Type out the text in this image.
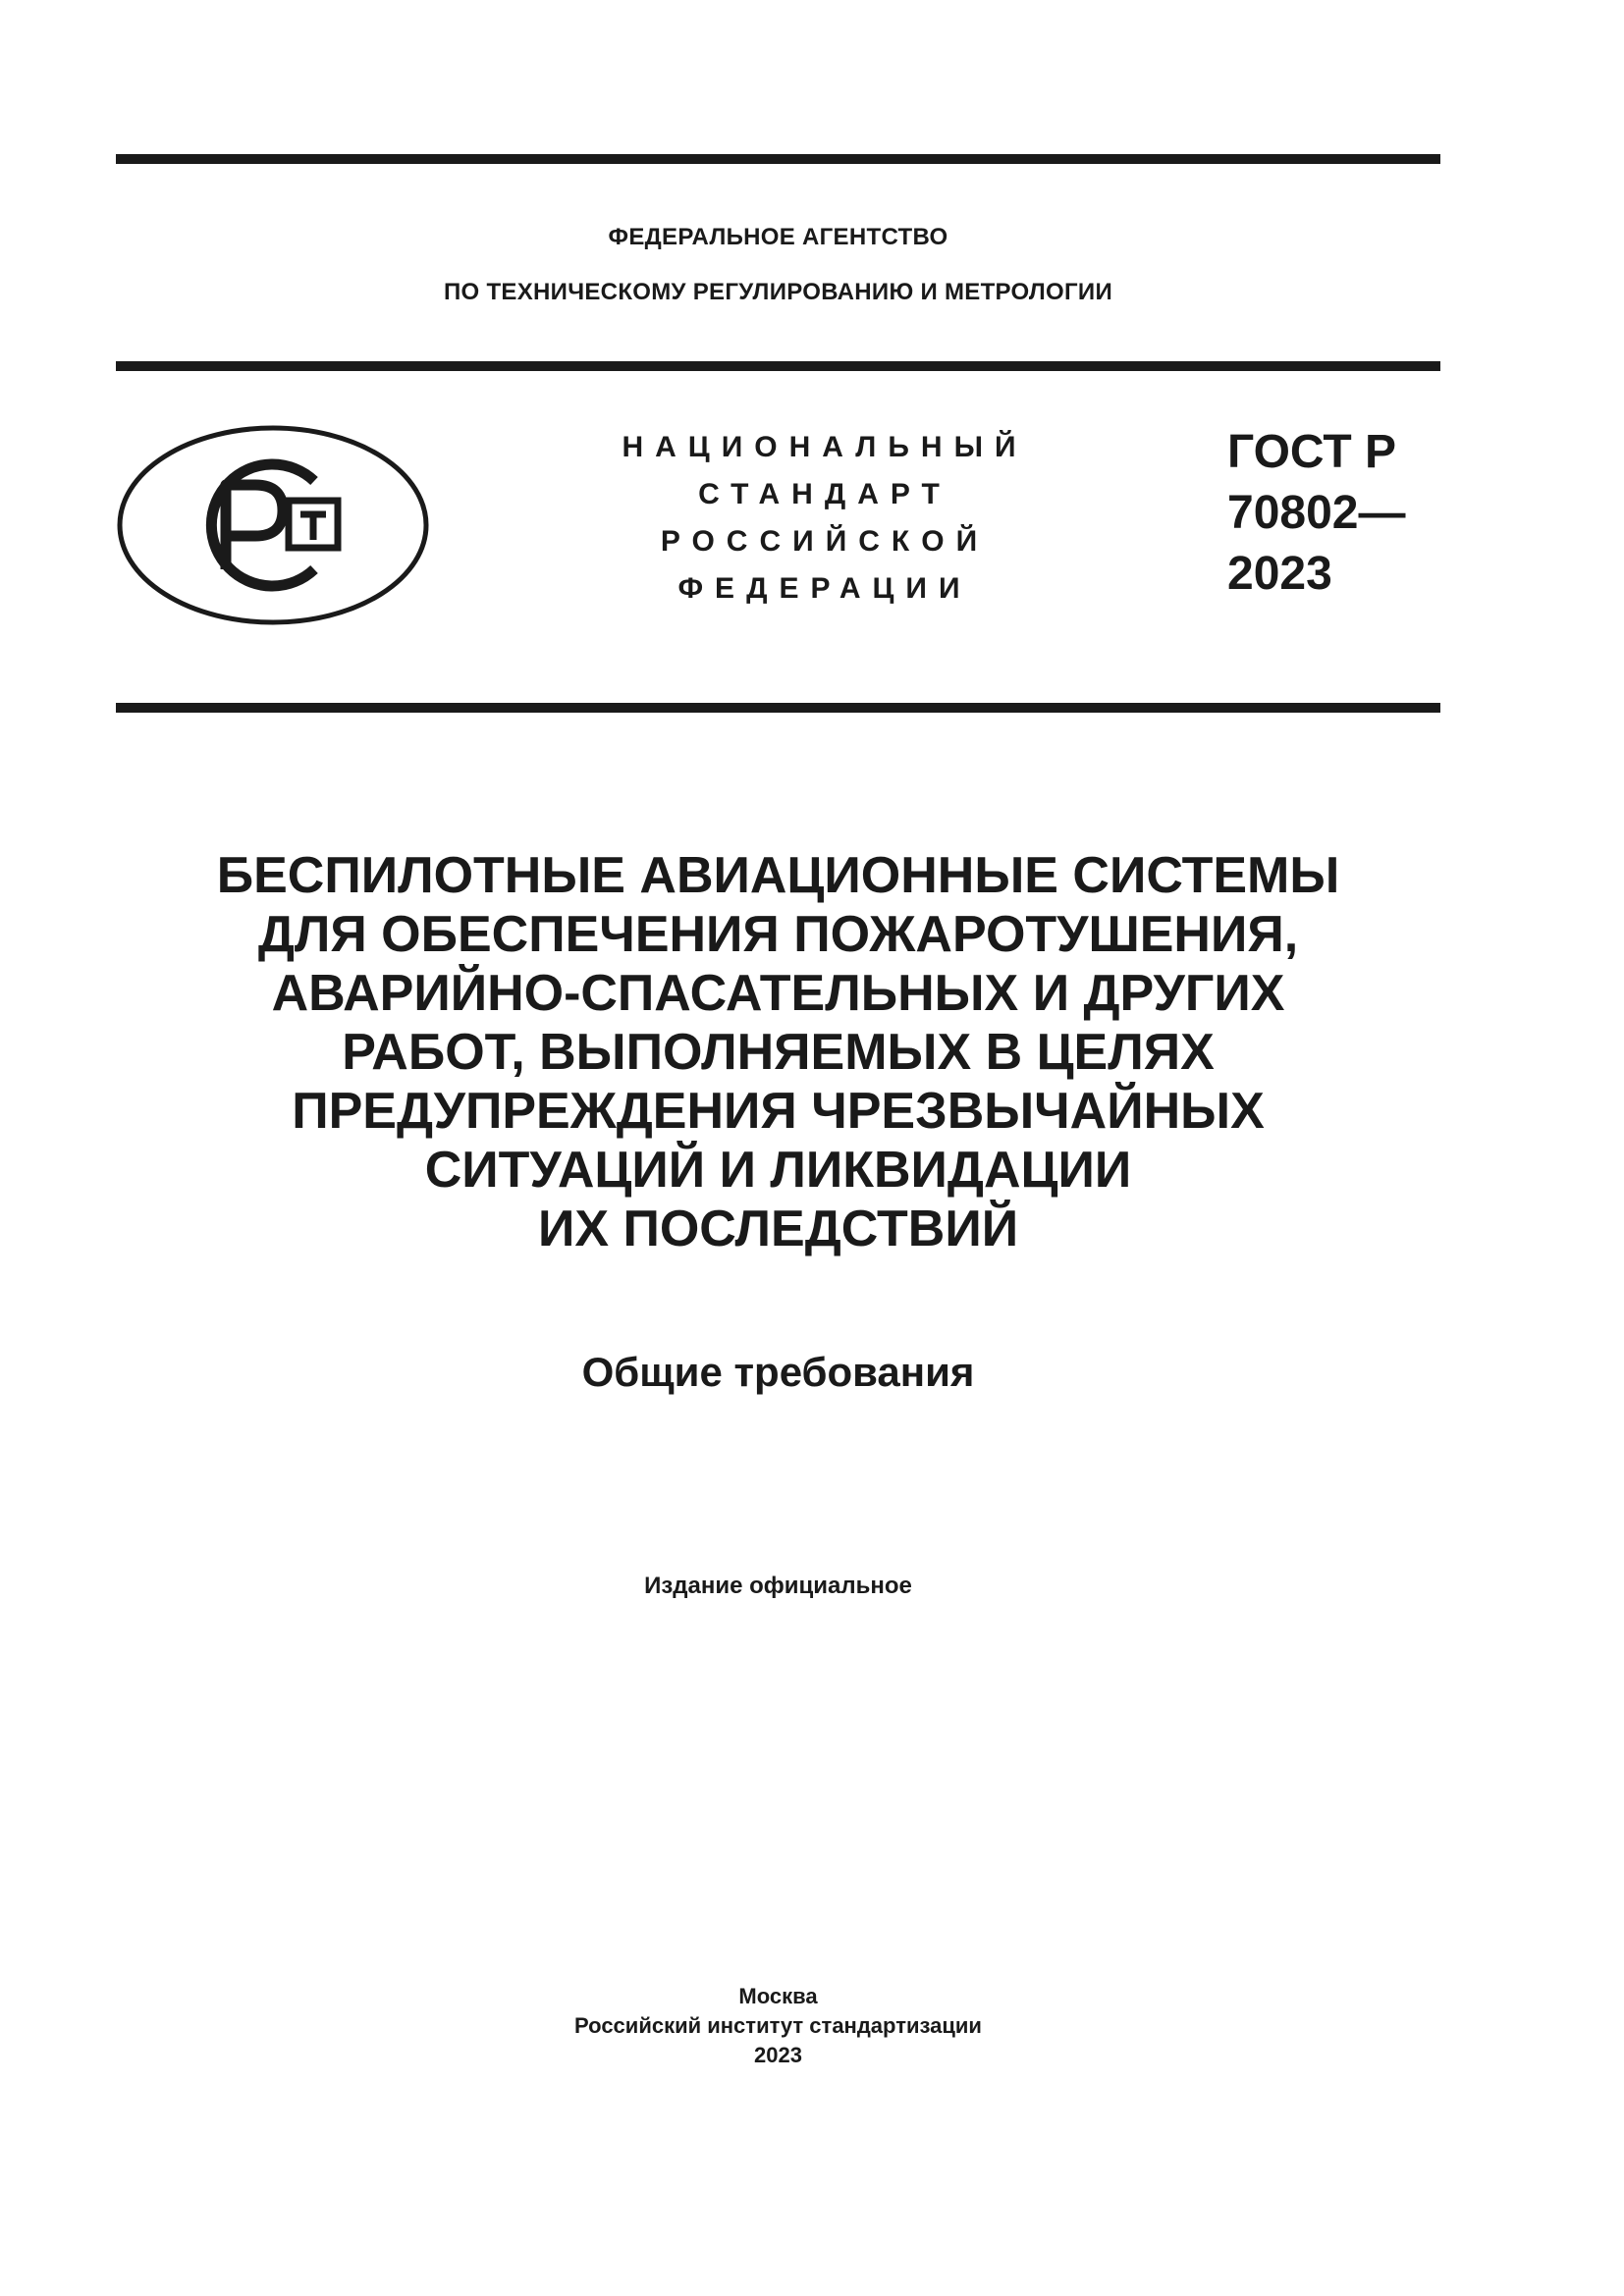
ФЕДЕРАЛЬНОЕ АГЕНТСТВО
ПО ТЕХНИЧЕСКОМУ РЕГУЛИРОВАНИЮ И МЕТРОЛОГИИ
НАЦИОНАЛЬНЫЙ
СТАНДАРТ
РОССИЙСКОЙ
ФЕДЕРАЦИИ
ГОСТ Р
70802—
2023
БЕСПИЛОТНЫЕ АВИАЦИОННЫЕ СИСТЕМЫ
ДЛЯ ОБЕСПЕЧЕНИЯ ПОЖАРОТУШЕНИЯ,
АВАРИЙНО-СПАСАТЕЛЬНЫХ И ДРУГИХ
РАБОТ, ВЫПОЛНЯЕМЫХ В ЦЕЛЯХ
ПРЕДУПРЕЖДЕНИЯ ЧРЕЗВЫЧАЙНЫХ
СИТУАЦИЙ И ЛИКВИДАЦИИ
ИХ ПОСЛЕДСТВИЙ
Общие требования
Издание официальное
Москва
Российский институт стандартизации
2023
